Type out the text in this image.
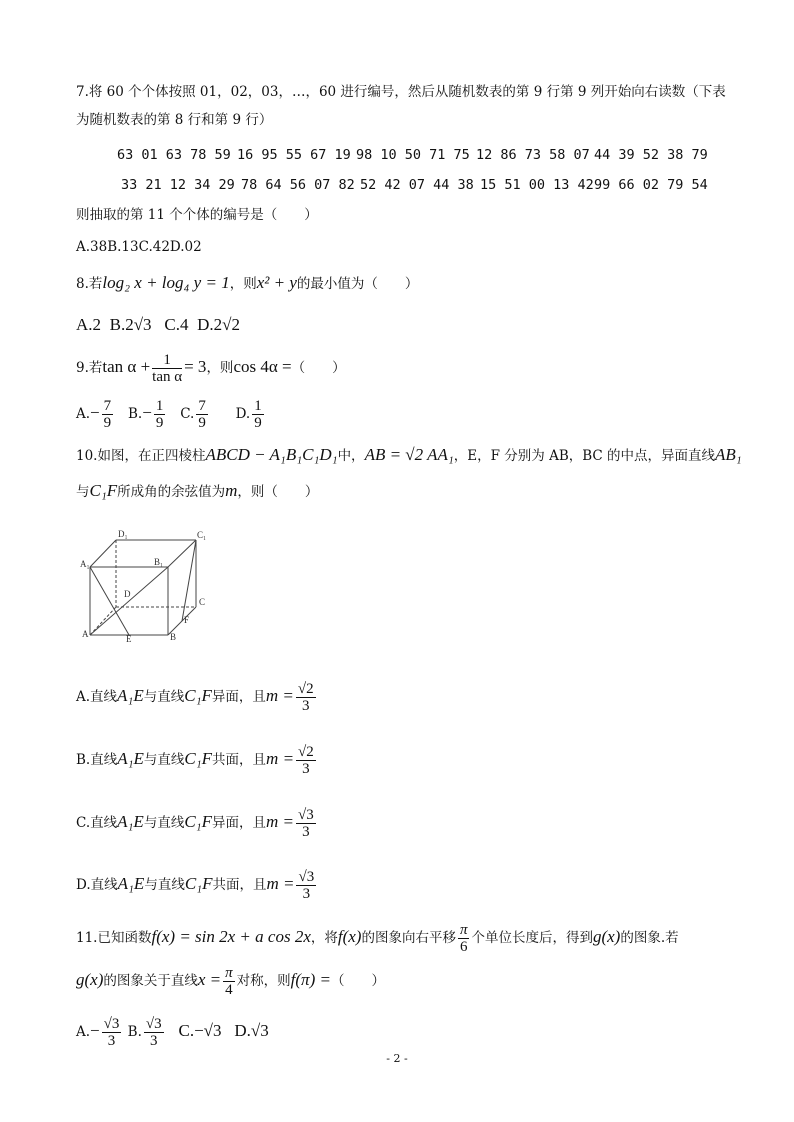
7.将 60 个个体按照 01，02，03，…，60 进行编号，然后从随机数表的第 9 行第 9 列开始向右读数（下表
为随机数表的第 8 行和第 9 行）
63 01 63 78 59 16 95 55 67 19 98 10 50 71 75 12 86 73 58 07 44 39 52 38 79
33 21 12 34 29 78 64 56 07 82 52 42 07 44 38 15 51 00 13 42 99 66 02 79 54
则抽取的第 11 个个体的编号是（　　）
A.38B.13C.42D.02
8.若log₂ x + log₄ y = 1，则x² + y的最小值为（　　）
A.2 B.2√3 C.4 D.2√2
9.若$\tan \alpha + \frac{1}{\text{tan α}} = 3$，则cos 4α =（　　）
$A.- \frac{7}{9} B.- \frac{1}{9} C$. $\frac{7}{9} D$. $\frac{1}{9}$
10.如图，在正四棱柱ABCD − A₁B₁C₁D₁中，AB = √2 AA₁，E，F 分别为 AB，BC 的中点，异面直线AB₁
与C₁F所成角的余弦值为m，则（　　）
D₁	C₁
A₁	B₁
D
C
F
A	E	B
A.直线A₁E与直线C₁F异面，且$m = \frac{√2}{3}$
B.直线A₁E与直线C₁F共面，且$m = \frac{√2}{3}$
C.直线A₁E与直线C₁F异面，且$m = \frac{√3}{3}$
D.直线A₁E与直线C₁F共面，且$m = \frac{√3}{3}$
11.已知函数f(x) = sin 2x + a cos 2x，将f(x)的图象向右平移 $\frac{\pi}{6}$ 个单位长度后，得到g(x)的图象.若
g(x)的图象关于直线$x = \frac{\pi}{4}$ 对称，则f(π) =（　　）
$A.- \frac{√3}{3} B$. $\frac{√3}{3} C.-√3$ D.√3
- 2 -
